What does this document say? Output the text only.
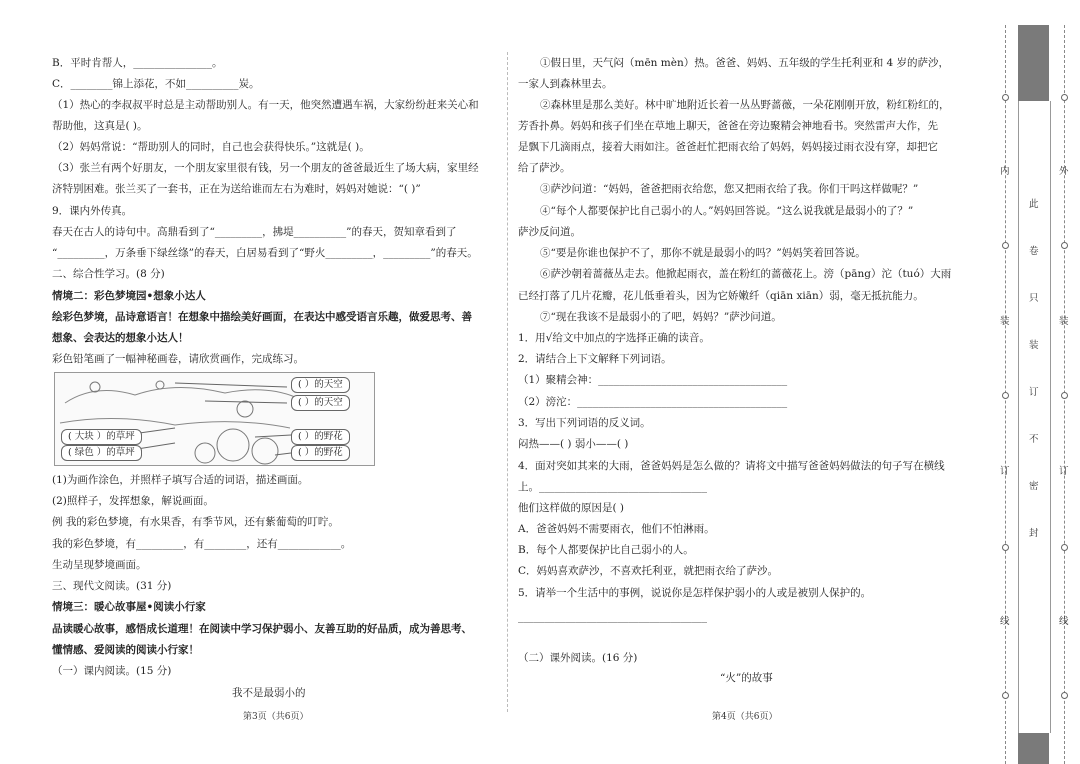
B．平时肯帮人，_______________。
C．________锦上添花，不如__________炭。
（1）热心的李叔叔平时总是主动帮助别人。有一天，他突然遭遇车祸，大家纷纷赶来关心和
帮助他，这真是( )。
（2）妈妈常说：“帮助别人的同时，自己也会获得快乐。”这就是( )。
（3）张兰有两个好朋友，一个朋友家里很有钱，另一个朋友的爸爸最近生了场大病，家里经
济特别困难。张兰买了一套书，正在为送给谁而左右为难时，妈妈对她说：“( )”
9．课内外传真。
春天在古人的诗句中。高鼎看到了“_________，拂堤__________”的春天，贺知章看到了
“_________，万条垂下绿丝绦”的春天，白居易看到了“野火_________，_________”的春天。
二、综合性学习。(8 分)
情境二：彩色梦境园•想象小达人
绘彩色梦境，品诗意语言！在想象中描绘美好画面，在表达中感受语言乐趣，做爱思考、善
想象、会表达的想象小达人！
彩色铅笔画了一幅神秘画卷，请欣赏画作，完成练习。
( ）的天空
( ）的天空
( 大块 ）的草坪
( 绿色 ）的草坪
( ）的野花
( ）的野花
(1)为画作涂色，并照样子填写合适的词语，描述画面。
(2)照样子，发挥想象，解说画面。
例 我的彩色梦境，有水果香，有季节风，还有紫葡萄的叮咛。
我的彩色梦境，有_________，有________，还有____________。
生动呈现梦境画面。
三、现代文阅读。(31 分)
情境三：暖心故事屋•阅读小行家
品读暖心故事，感悟成长道理！在阅读中学习保护弱小、友善互助的好品质，成为善思考、
懂情感、爱阅读的阅读小行家！
（一）课内阅读。(15 分)
我不是最弱小的
第3页（共6页）
①假日里，天气闷（mēn mèn）热。爸爸、妈妈、五年级的学生托利亚和 4 岁的萨沙，
一家人到森林里去。
②森林里是那么美好。林中旷地附近长着一丛丛野蔷薇，一朵花刚刚开放，粉红粉红的，
芳香扑鼻。妈妈和孩子们坐在草地上聊天，爸爸在旁边聚精会神地看书。突然雷声大作，先
是飘下几滴雨点，接着大雨如注。爸爸赶忙把雨衣给了妈妈，妈妈接过雨衣没有穿，却把它
给了萨沙。
③萨沙问道：“妈妈，爸爸把雨衣给您，您又把雨衣给了我。你们干吗这样做呢？”
④“每个人都要保护比自己弱小的人。”妈妈回答说。“这么说我就是最弱小的了？”
萨沙反问道。
⑤“要是你谁也保护不了，那你不就是最弱小的吗？”妈妈笑着回答说。
⑥萨沙朝着蔷薇丛走去。他掀起雨衣，盖在粉红的蔷薇花上。滂（pāng）沱（tuó）大雨
已经打落了几片花瓣，花儿低垂着头，因为它娇嫩纤（qiān xiān）弱，毫无抵抗能力。
⑦“现在我该不是最弱小的了吧，妈妈？”萨沙问道。
1．用√给文中加点的字选择正确的读音。
2．请结合上下文解释下列词语。
（1）聚精会神：____________________________________
（2）滂沱：________________________________________
3．写出下列词语的反义词。
闷热——( ) 弱小——( )
4．面对突如其来的大雨，爸爸妈妈是怎么做的？请将文中描写爸爸妈妈做法的句子写在横线
上。________________________________
他们这样做的原因是( )
A．爸爸妈妈不需要雨衣，他们不怕淋雨。
B．每个人都要保护比自己弱小的人。
C．妈妈喜欢萨沙，不喜欢托利亚，就把雨衣给了萨沙。
5．请举一个生活中的事例，说说你是怎样保护弱小的人或是被别人保护的。
____________________________________
（二）课外阅读。(16 分)
“火”的故事
第4页（共6页）
内
装
订
线
外
装
订
线
此
卷
只
装
订
不
密
封
